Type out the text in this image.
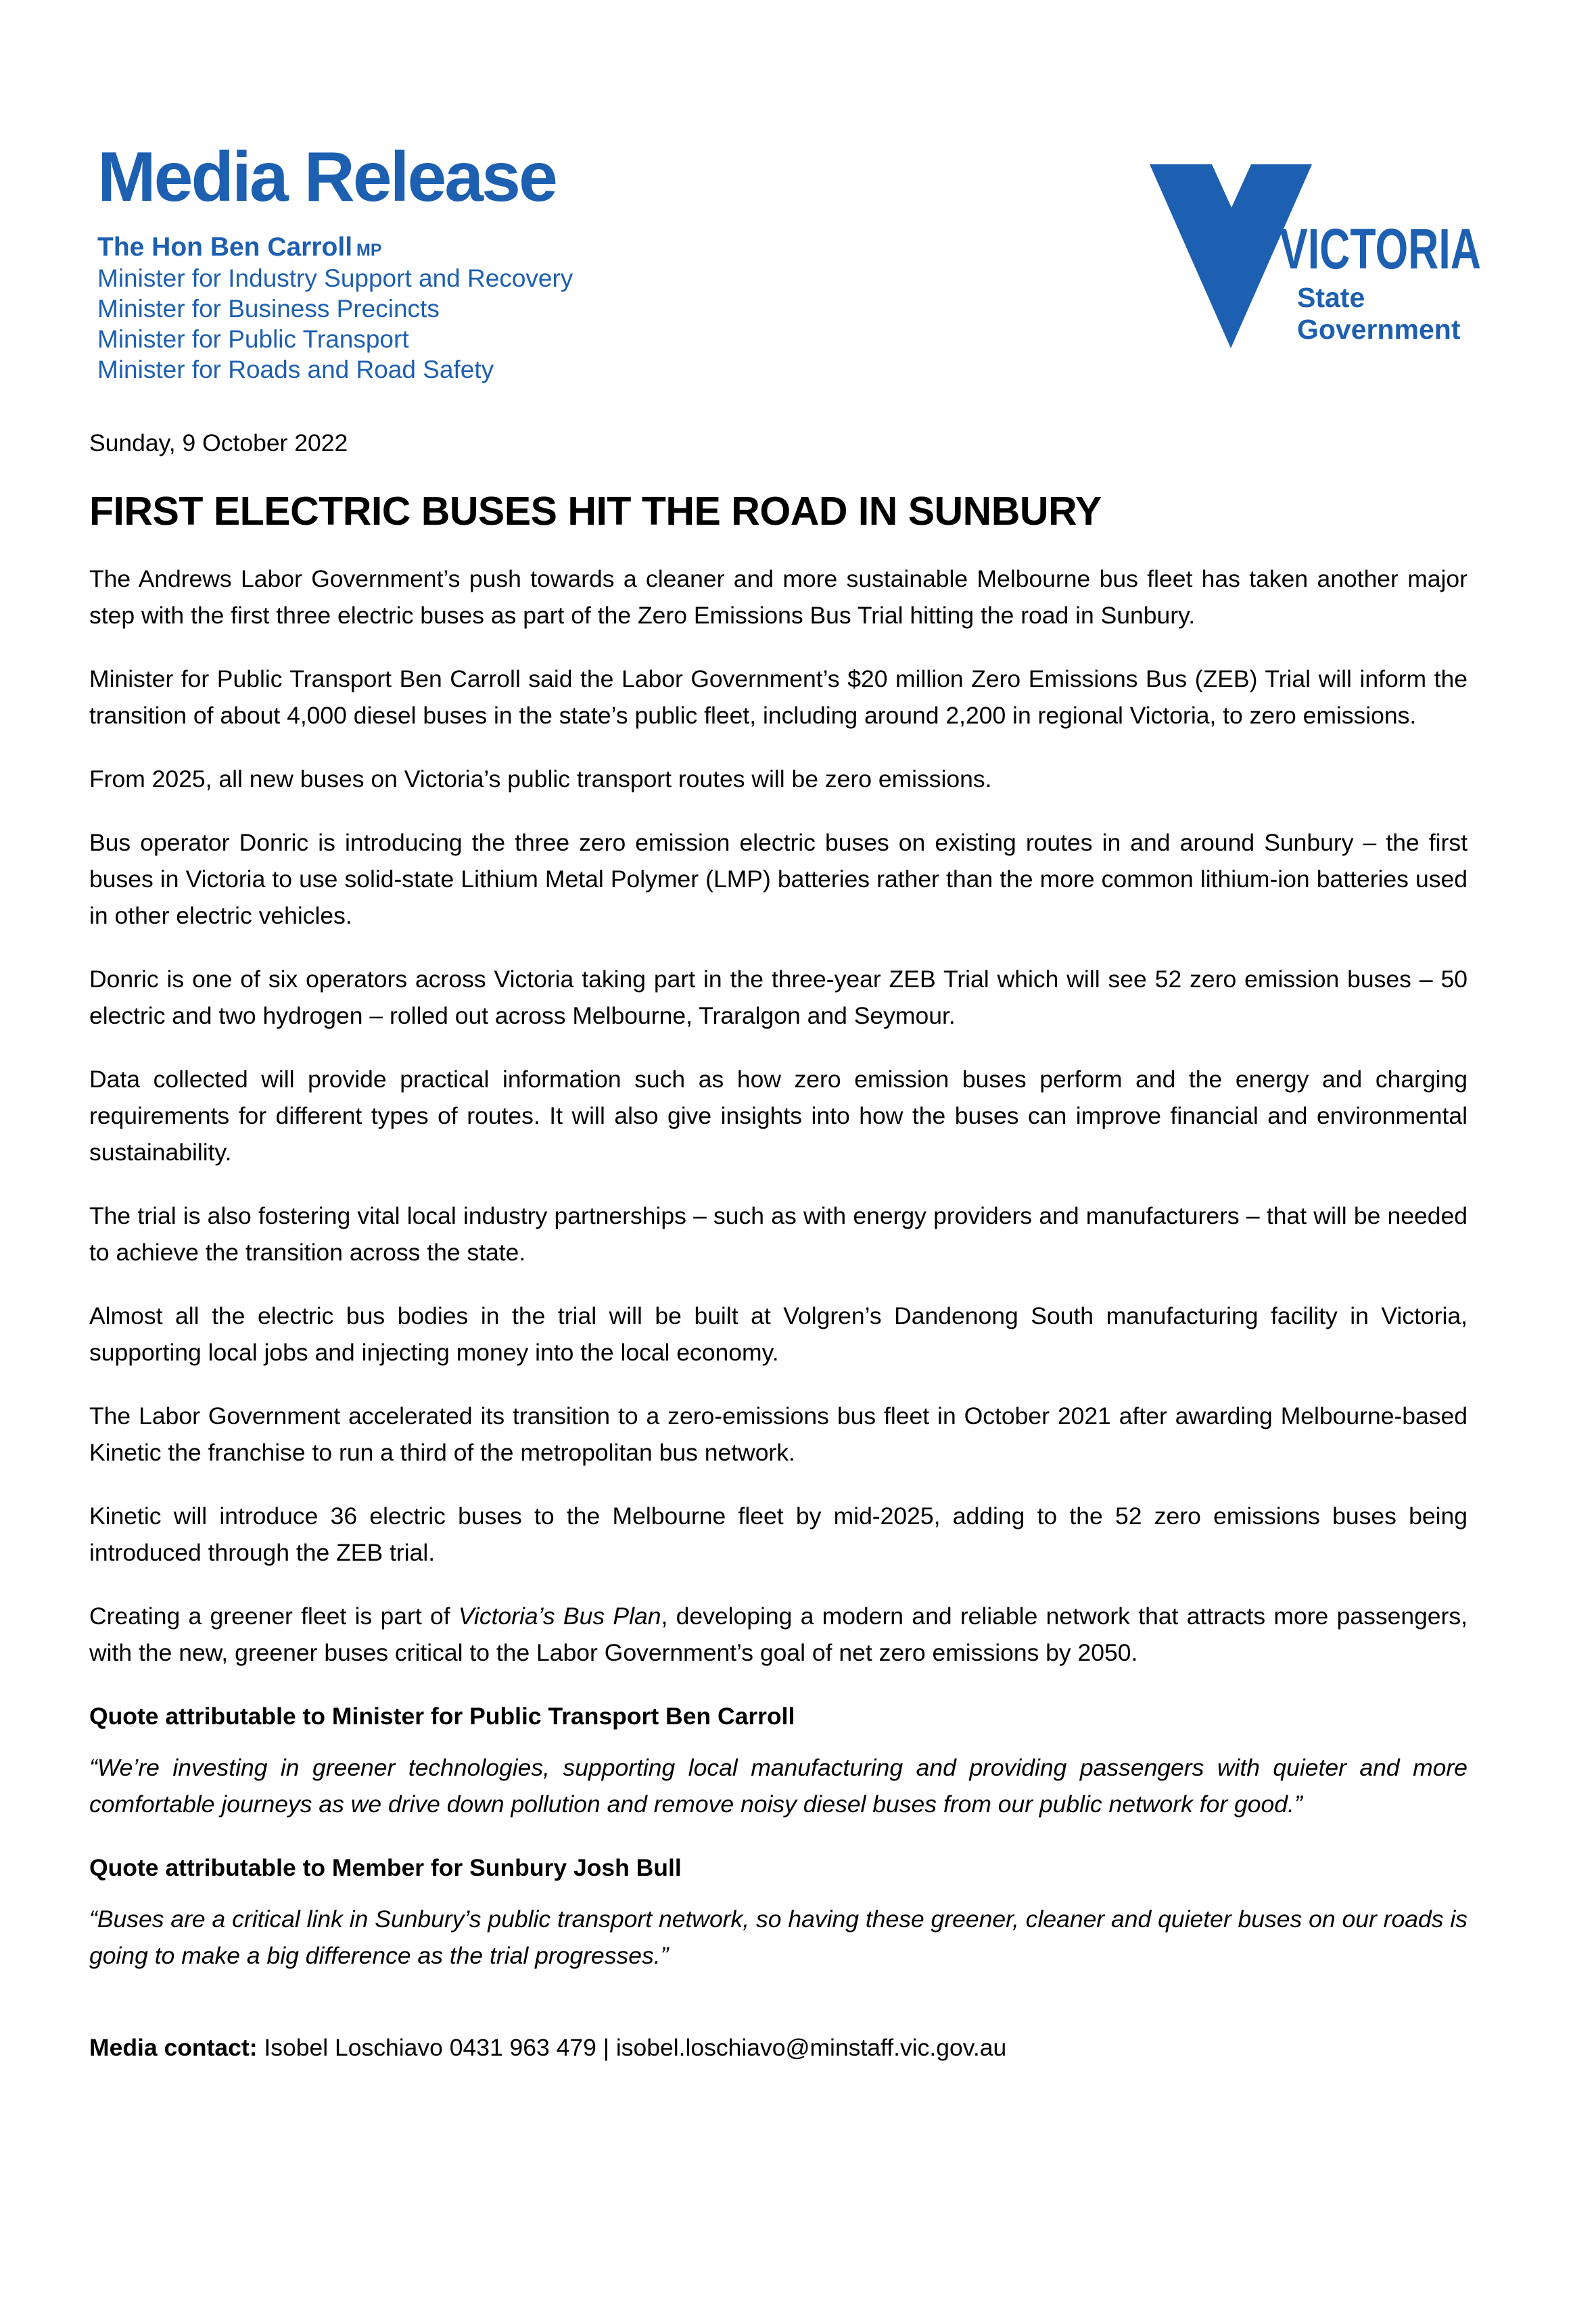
Media Release
The Hon Ben Carroll MP
Minister for Industry Support and Recovery
Minister for Business Precincts
Minister for Public Transport
Minister for Roads and Road Safety
VICTORIA
State
Government

Sunday, 9 October 2022

FIRST ELECTRIC BUSES HIT THE ROAD IN SUNBURY

The Andrews Labor Government’s push towards a cleaner and more sustainable Melbourne bus fleet has taken another major step with the first three electric buses as part of the Zero Emissions Bus Trial hitting the road in Sunbury.

Minister for Public Transport Ben Carroll said the Labor Government’s $20 million Zero Emissions Bus (ZEB) Trial will inform the transition of about 4,000 diesel buses in the state’s public fleet, including around 2,200 in regional Victoria, to zero emissions.

From 2025, all new buses on Victoria’s public transport routes will be zero emissions.

Bus operator Donric is introducing the three zero emission electric buses on existing routes in and around Sunbury – the first buses in Victoria to use solid-state Lithium Metal Polymer (LMP) batteries rather than the more common lithium-ion batteries used in other electric vehicles.

Donric is one of six operators across Victoria taking part in the three-year ZEB Trial which will see 52 zero emission buses – 50 electric and two hydrogen – rolled out across Melbourne, Traralgon and Seymour.

Data collected will provide practical information such as how zero emission buses perform and the energy and charging requirements for different types of routes. It will also give insights into how the buses can improve financial and environmental sustainability.

The trial is also fostering vital local industry partnerships – such as with energy providers and manufacturers – that will be needed to achieve the transition across the state.

Almost all the electric bus bodies in the trial will be built at Volgren’s Dandenong South manufacturing facility in Victoria, supporting local jobs and injecting money into the local economy.

The Labor Government accelerated its transition to a zero-emissions bus fleet in October 2021 after awarding Melbourne-based Kinetic the franchise to run a third of the metropolitan bus network.

Kinetic will introduce 36 electric buses to the Melbourne fleet by mid-2025, adding to the 52 zero emissions buses being introduced through the ZEB trial.

Creating a greener fleet is part of Victoria’s Bus Plan, developing a modern and reliable network that attracts more passengers, with the new, greener buses critical to the Labor Government’s goal of net zero emissions by 2050.

Quote attributable to Minister for Public Transport Ben Carroll

“We’re investing in greener technologies, supporting local manufacturing and providing passengers with quieter and more comfortable journeys as we drive down pollution and remove noisy diesel buses from our public network for good.”

Quote attributable to Member for Sunbury Josh Bull

“Buses are a critical link in Sunbury’s public transport network, so having these greener, cleaner and quieter buses on our roads is going to make a big difference as the trial progresses.”

Media contact: Isobel Loschiavo 0431 963 479 | isobel.loschiavo@minstaff.vic.gov.au
